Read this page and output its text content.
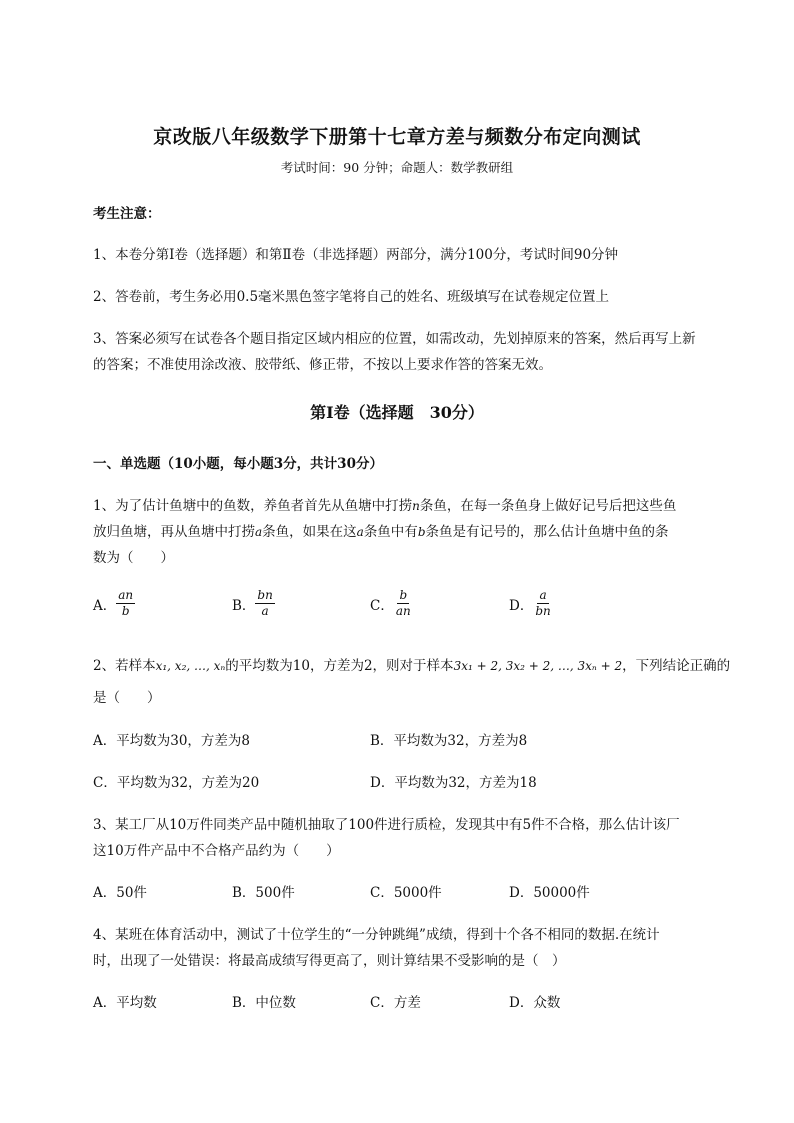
京改版八年级数学下册第十七章方差与频数分布定向测试
考试时间：90 分钟；命题人：数学教研组
考生注意：
1、本卷分第Ⅰ卷（选择题）和第Ⅱ卷（非选择题）两部分，满分100分，考试时间90分钟
2、答卷前，考生务必用0.5毫米黑色签字笔将自己的姓名、班级填写在试卷规定位置上
3、答案必须写在试卷各个题目指定区域内相应的位置，如需改动，先划掉原来的答案，然后再写上新
的答案；不准使用涂改液、胶带纸、修正带，不按以上要求作答的答案无效。
第Ⅰ卷（选择题　30分）
一、单选题（10小题，每小题3分，共计30分）
1、为了估计鱼塘中的鱼数，养鱼者首先从鱼塘中打捞n条鱼，在每一条鱼身上做好记号后把这些鱼
放归鱼塘，再从鱼塘中打捞a条鱼，如果在这a条鱼中有b条鱼是有记号的，那么估计鱼塘中鱼的条
数为（　　）
A． $\frac{an}{b}$	B． $\frac{bn}{a}$	C． $\frac{b}{an}$	D． $\frac{a}{bn}$
2、若样本x₁, x₂, …, xₙ的平均数为10，方差为2，则对于样本3x₁ + 2, 3x₂ + 2, …, 3xₙ + 2，下列结论正确的
是（　　）
A．平均数为30，方差为8	B．平均数为32，方差为8
C．平均数为32，方差为20	D．平均数为32，方差为18
3、某工厂从10万件同类产品中随机抽取了100件进行质检，发现其中有5件不合格，那么估计该厂
这10万件产品中不合格产品约为（　　）
A．50件	B．500件	C．5000件	D．50000件
4、某班在体育活动中，测试了十位学生的“一分钟跳绳”成绩，得到十个各不相同的数据.在统计
时，出现了一处错误：将最高成绩写得更高了，则计算结果不受影响的是（　）
A．平均数	B．中位数	C．方差	D．众数
